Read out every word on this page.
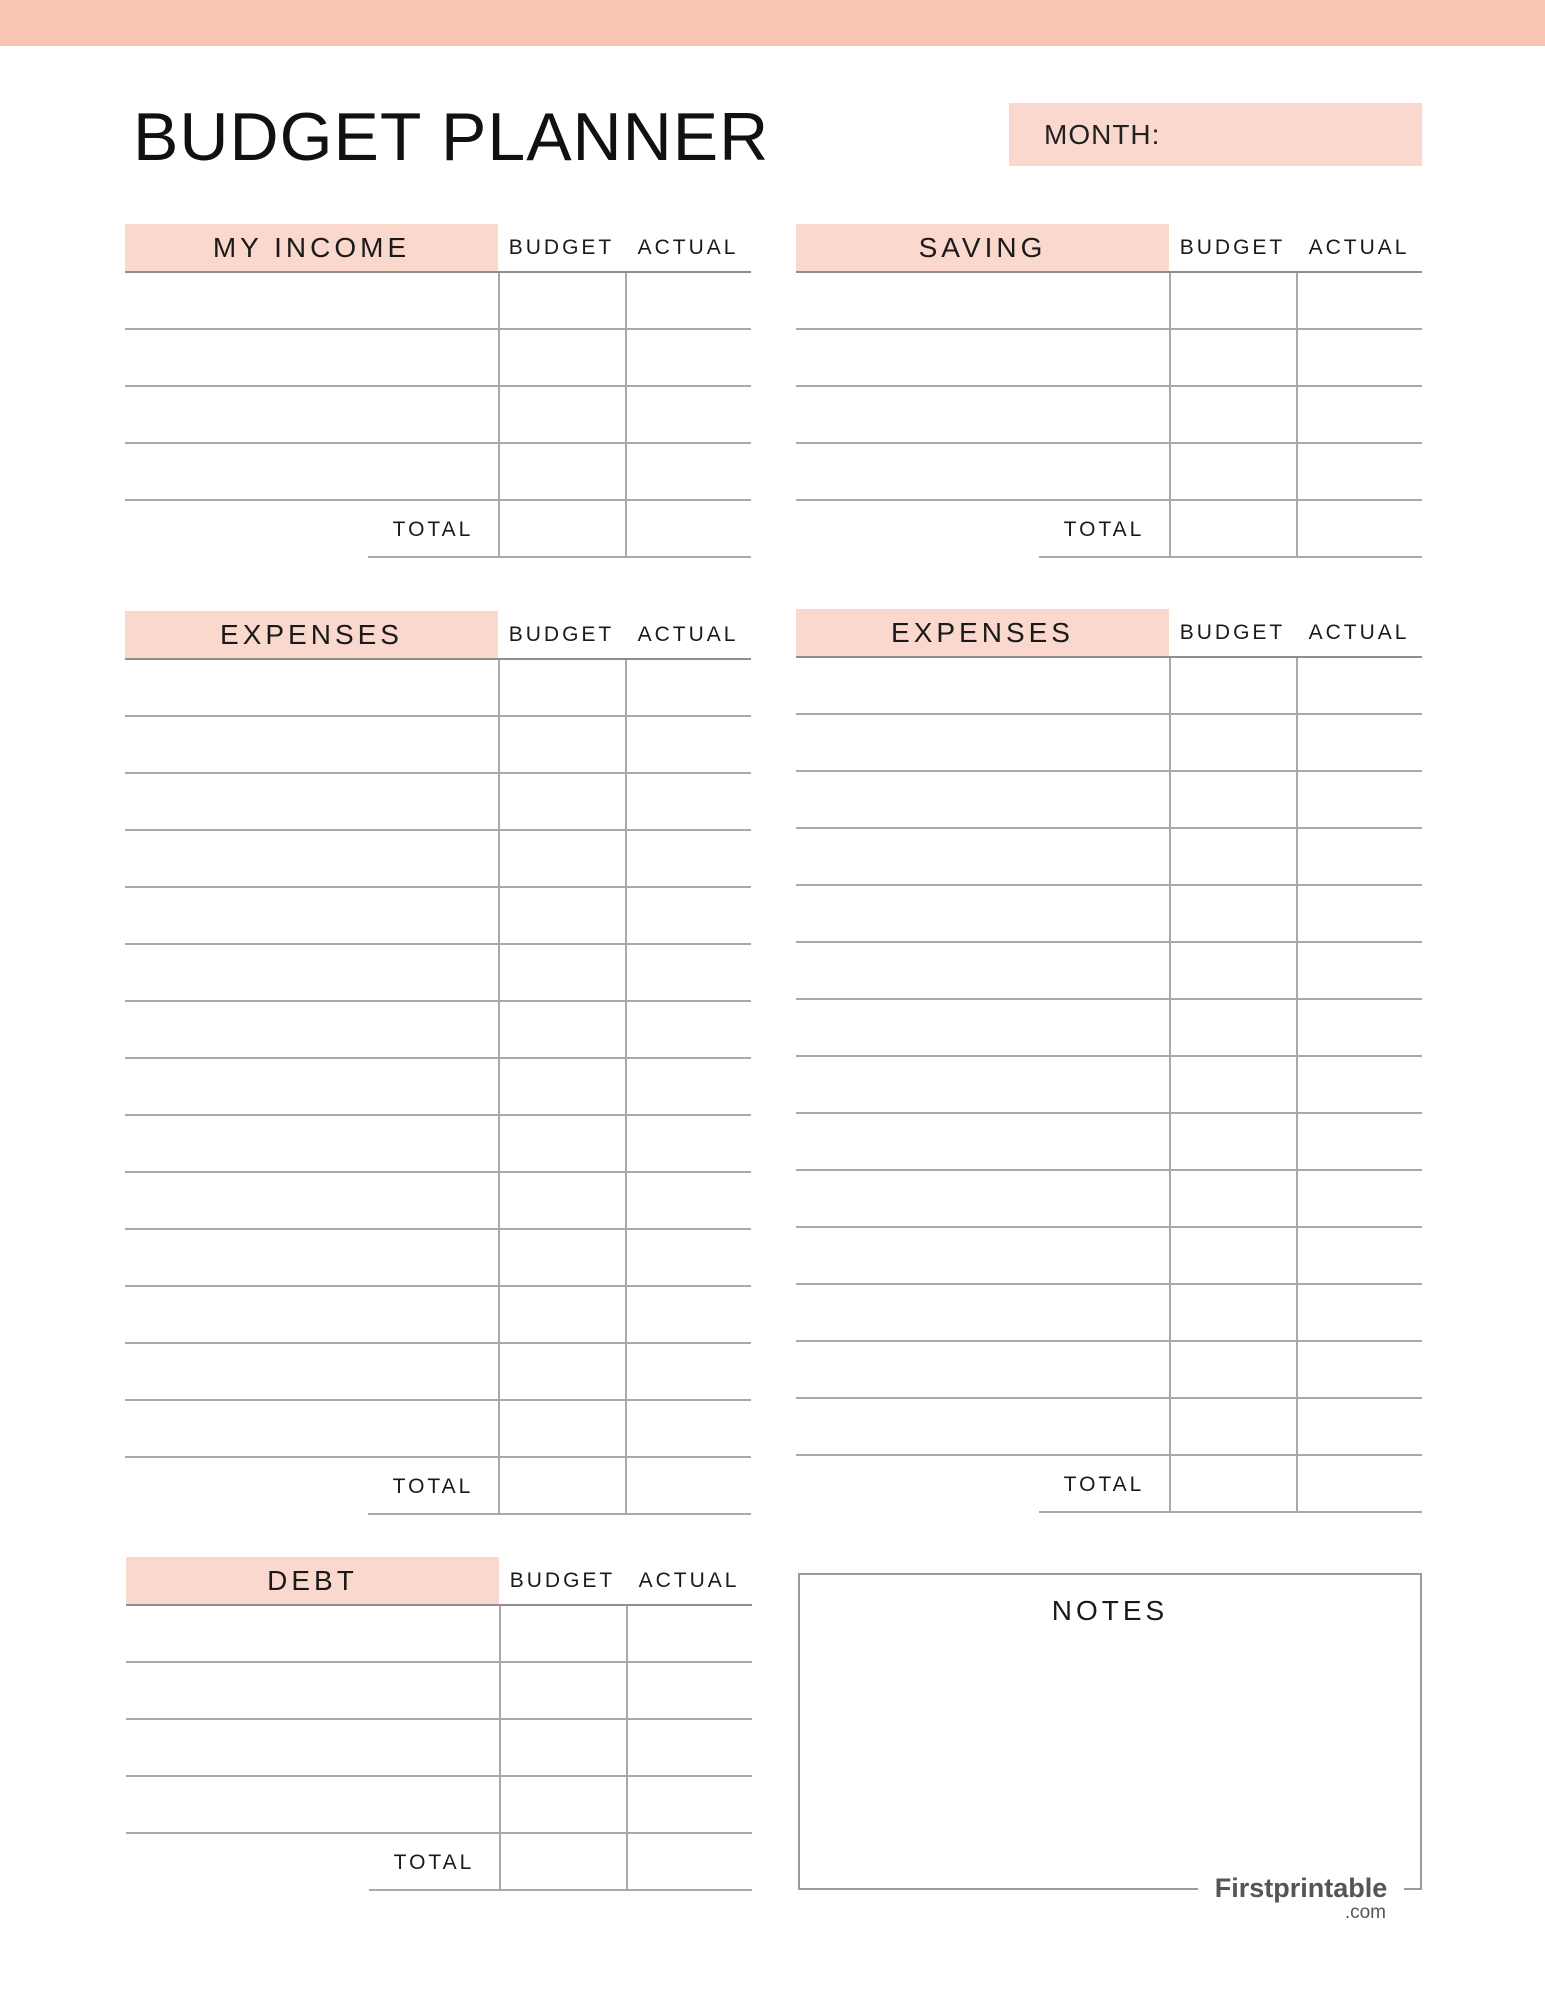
BUDGET PLANNER	MONTH:
MY INCOME	BUDGET	ACTUAL
TOTAL
SAVING	BUDGET	ACTUAL
TOTAL
EXPENSES	BUDGET	ACTUAL
TOTAL
EXPENSES	BUDGET	ACTUAL
TOTAL
DEBT	BUDGET	ACTUAL
TOTAL
NOTES
Firstprintable
.com
